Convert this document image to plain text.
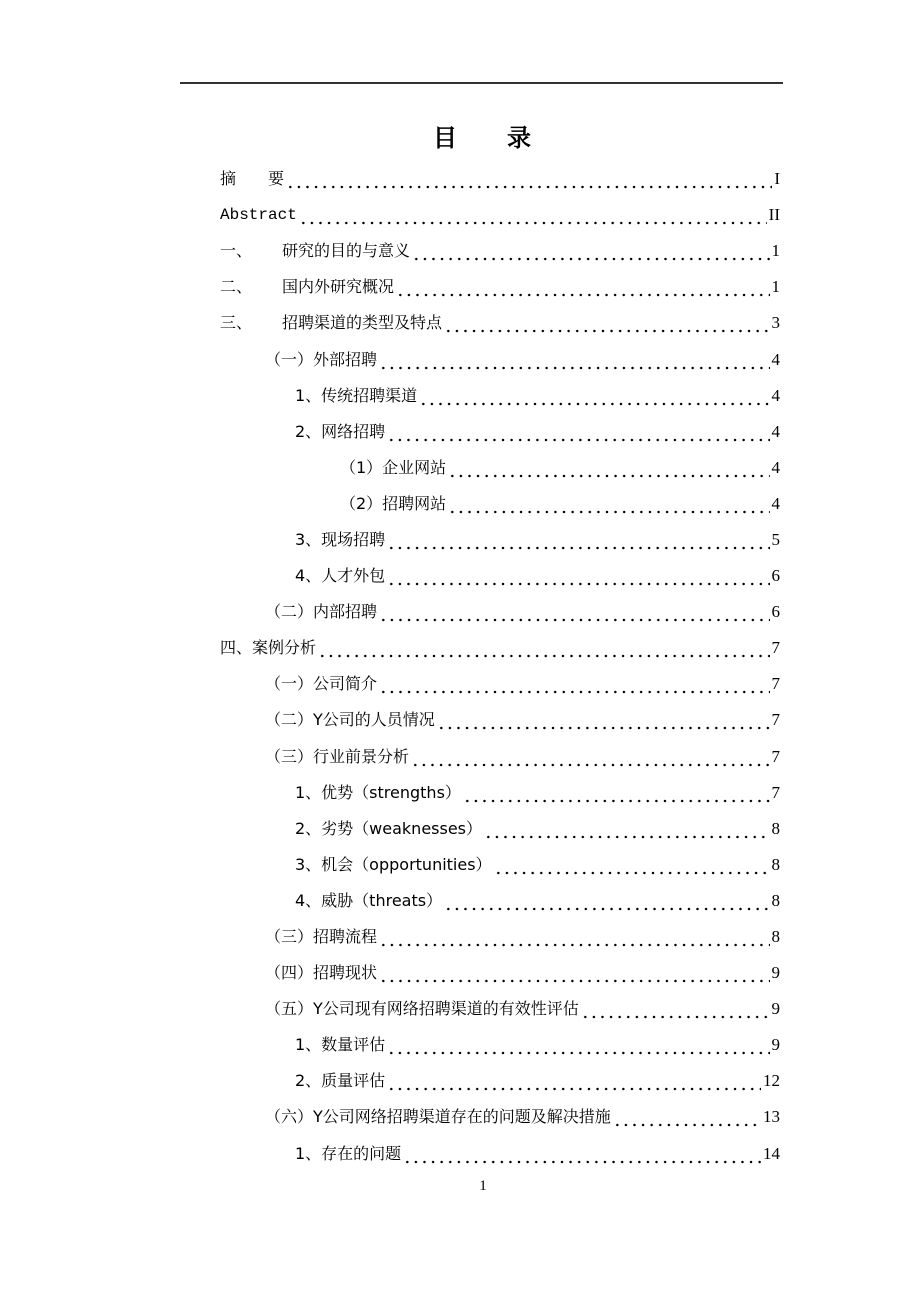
目 录
摘　　要	I
Abstract	II
一、	研究的目的与意义	1
二、	国内外研究概况	1
三、	招聘渠道的类型及特点	3
（一）外部招聘	4
1、传统招聘渠道	4
2、网络招聘	4
（1）企业网站	4
（2）招聘网站	4
3、现场招聘	5
4、人才外包	6
（二）内部招聘	6
四、案例分析	7
（一）公司简介	7
（二）Y公司的人员情况	7
（三）行业前景分析	7
1、优势（strengths）	7
2、劣势（weaknesses）	8
3、机会（opportunities）	8
4、威胁（threats）	8
（三）招聘流程	8
（四）招聘现状	9
（五）Y公司现有网络招聘渠道的有效性评估	9
1、数量评估	9
2、质量评估	12
（六）Y公司网络招聘渠道存在的问题及解决措施	13
1、存在的问题	14
1
